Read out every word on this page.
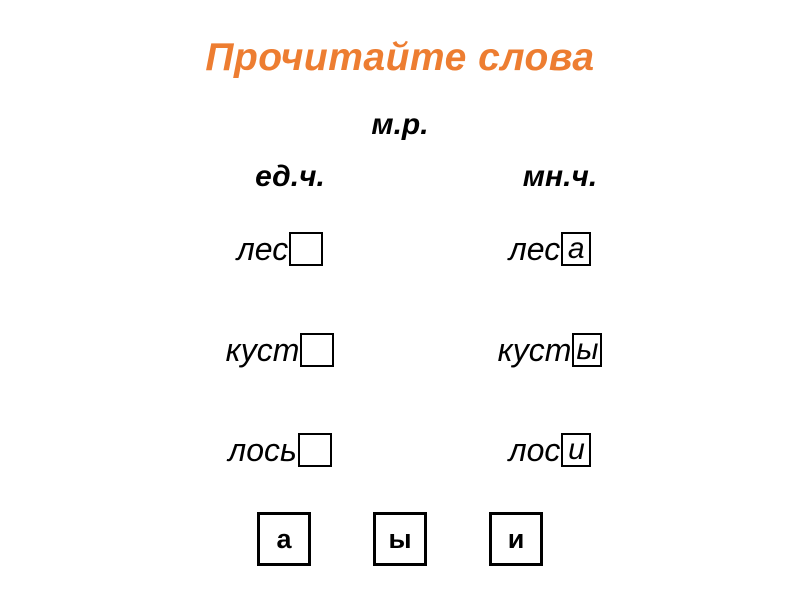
Прочитайте слова
м.р.
ед.ч.	мн.ч.
лес	лес а
куст	куст ы
лось	лос и
а	ы	и
